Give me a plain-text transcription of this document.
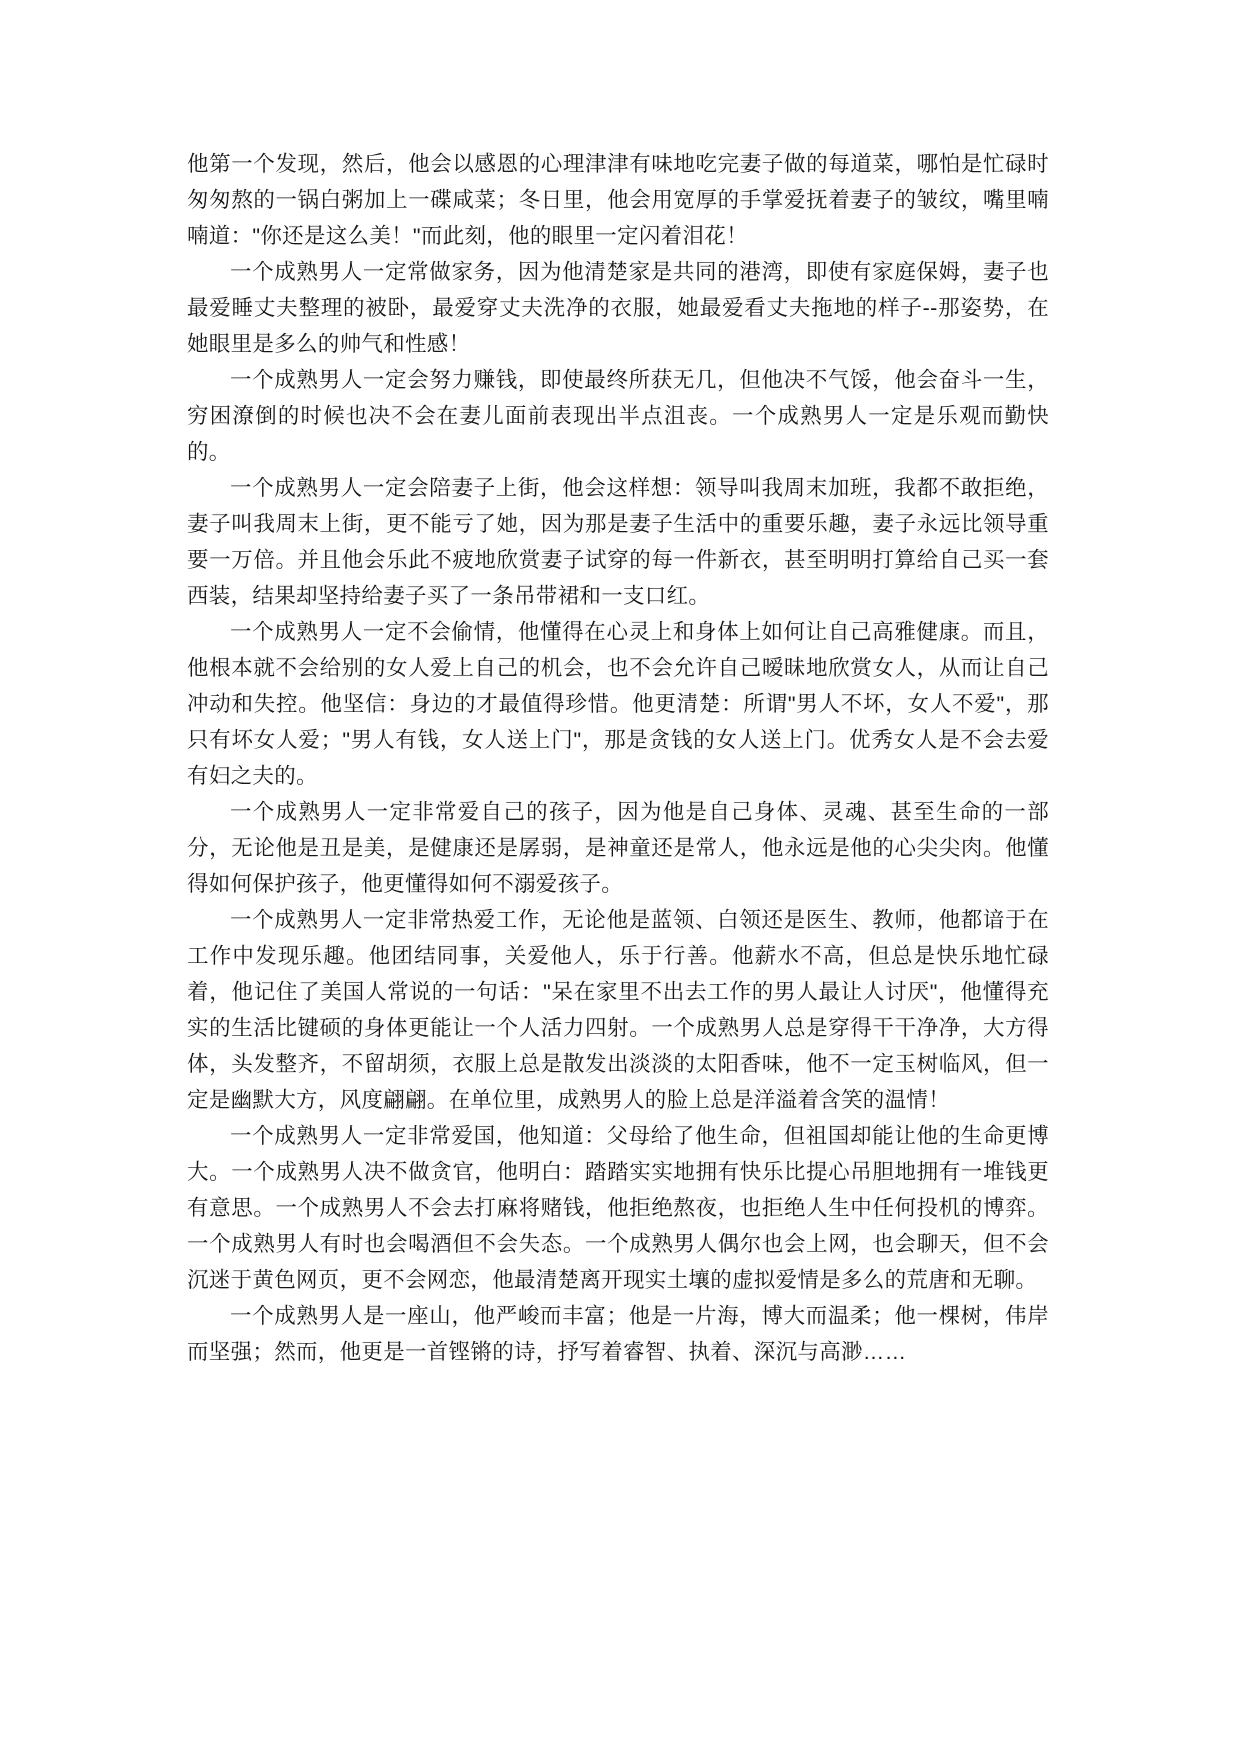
他第一个发现，然后，他会以感恩的心理津津有味地吃完妻子做的每道菜，哪怕是忙碌时匆匆熬的一锅白粥加上一碟咸菜；冬日里，他会用宽厚的手掌爱抚着妻子的皱纹，嘴里喃喃道："你还是这么美！"而此刻，他的眼里一定闪着泪花！

一个成熟男人一定常做家务，因为他清楚家是共同的港湾，即使有家庭保姆，妻子也最爱睡丈夫整理的被卧，最爱穿丈夫洗净的衣服，她最爱看丈夫拖地的样子--那姿势，在她眼里是多么的帅气和性感！

一个成熟男人一定会努力赚钱，即使最终所获无几，但他决不气馁，他会奋斗一生，穷困潦倒的时候也决不会在妻儿面前表现出半点沮丧。一个成熟男人一定是乐观而勤快的。

一个成熟男人一定会陪妻子上街，他会这样想：领导叫我周末加班，我都不敢拒绝，妻子叫我周末上街，更不能亏了她，因为那是妻子生活中的重要乐趣，妻子永远比领导重要一万倍。并且他会乐此不疲地欣赏妻子试穿的每一件新衣，甚至明明打算给自己买一套西装，结果却坚持给妻子买了一条吊带裙和一支口红。

一个成熟男人一定不会偷情，他懂得在心灵上和身体上如何让自己高雅健康。而且，他根本就不会给别的女人爱上自己的机会，也不会允许自己暧昧地欣赏女人，从而让自己冲动和失控。他坚信：身边的才最值得珍惜。他更清楚：所谓"男人不坏，女人不爱"，那只有坏女人爱；"男人有钱，女人送上门"，那是贪钱的女人送上门。优秀女人是不会去爱有妇之夫的。

一个成熟男人一定非常爱自己的孩子，因为他是自己身体、灵魂、甚至生命的一部分，无论他是丑是美，是健康还是孱弱，是神童还是常人，他永远是他的心尖尖肉。他懂得如何保护孩子，他更懂得如何不溺爱孩子。

一个成熟男人一定非常热爱工作，无论他是蓝领、白领还是医生、教师，他都谙于在工作中发现乐趣。他团结同事，关爱他人，乐于行善。他薪水不高，但总是快乐地忙碌着，他记住了美国人常说的一句话："呆在家里不出去工作的男人最让人讨厌"，他懂得充实的生活比键硕的身体更能让一个人活力四射。一个成熟男人总是穿得干干净净，大方得体，头发整齐，不留胡须，衣服上总是散发出淡淡的太阳香味，他不一定玉树临风，但一定是幽默大方，风度翩翩。在单位里，成熟男人的脸上总是洋溢着含笑的温情！

一个成熟男人一定非常爱国，他知道：父母给了他生命，但祖国却能让他的生命更博大。一个成熟男人决不做贪官，他明白：踏踏实实地拥有快乐比提心吊胆地拥有一堆钱更有意思。一个成熟男人不会去打麻将赌钱，他拒绝熬夜，也拒绝人生中任何投机的博弈。一个成熟男人有时也会喝酒但不会失态。一个成熟男人偶尔也会上网，也会聊天，但不会沉迷于黄色网页，更不会网恋，他最清楚离开现实土壤的虚拟爱情是多么的荒唐和无聊。

一个成熟男人是一座山，他严峻而丰富；他是一片海，博大而温柔；他一棵树，伟岸而坚强；然而，他更是一首铿锵的诗，抒写着睿智、执着、深沉与高渺……
